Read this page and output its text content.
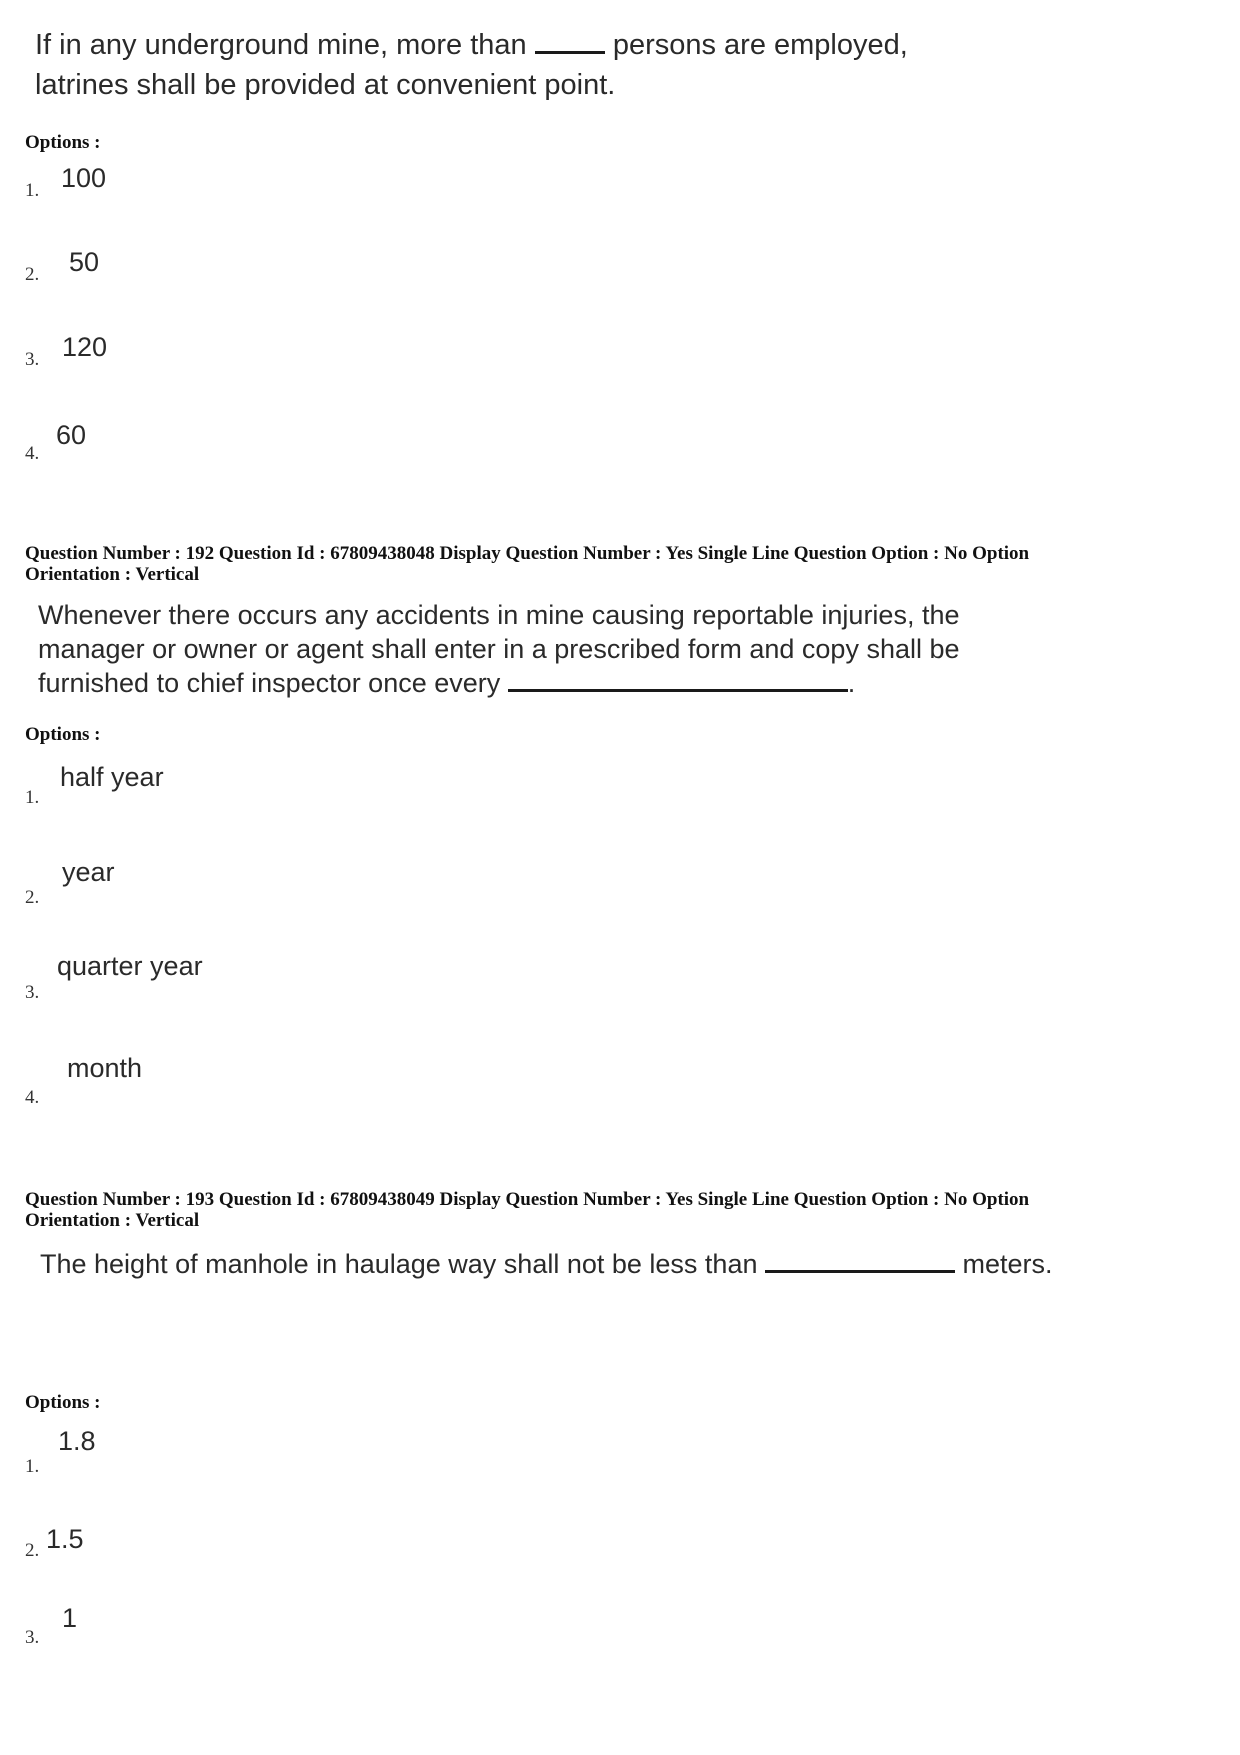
If in any underground mine, more than	persons are employed,
latrines shall be provided at convenient point.
Options :
1. 100
2. 50
3. 120
4.
60
Question Number : 192 Question Id : 67809438048 Display Question Number : Yes Single Line Question Option : No Option
Orientation : Vertical
Whenever there occurs any accidents in mine causing reportable injuries, the
manager or owner or agent shall enter in a prescribed form and copy shall be
furnished to chief inspector once every	.
Options :
1.
half year
2.
year
3.
quarter year
4.
month
Question Number : 193 Question Id : 67809438049 Display Question Number : Yes Single Line Question Option : No Option
Orientation : Vertical
The height of manhole in haulage way shall not be less than	meters.
Options :
1.
1.8
2. 1.5
3.
1
